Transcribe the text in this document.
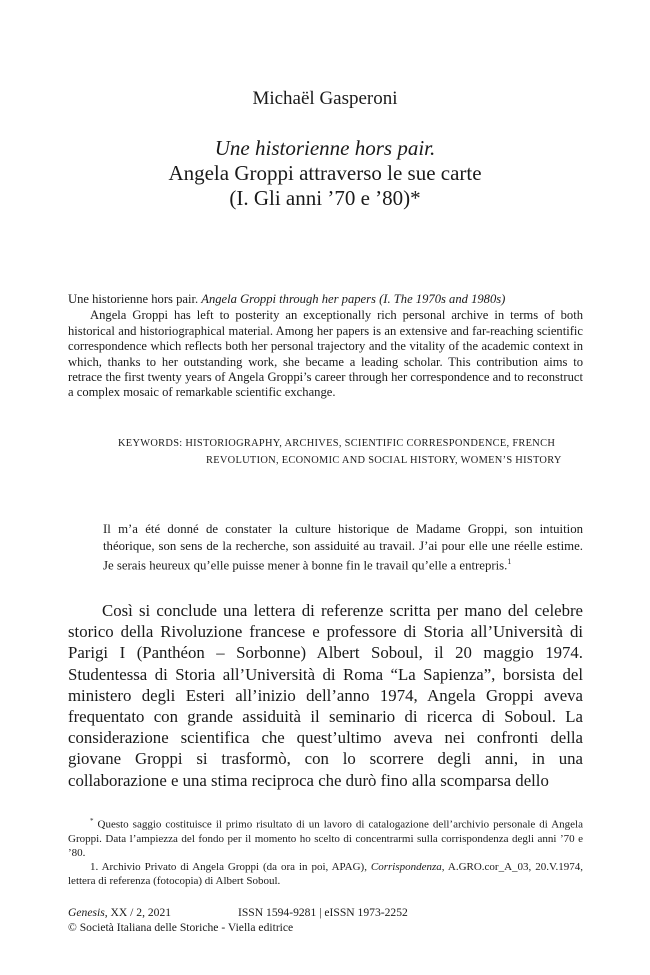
Michaël Gasperoni
Une historienne hors pair.
Angela Groppi attraverso le sue carte
(I. Gli anni ’70 e ’80)*
Une historienne hors pair. Angela Groppi through her papers (I. The 1970s and 1980s)
Angela Groppi has left to posterity an exceptionally rich personal archive in terms of both historical and historiographical material. Among her papers is an extensive and far-reaching scientific correspondence which reflects both her personal trajectory and the vitality of the academic context in which, thanks to her outstanding work, she became a leading scholar. This contribution aims to retrace the first twenty years of Angela Groppi’s career through her correspondence and to reconstruct a complex mosaic of remarkable scientific exchange.
KEYWORDS: HISTORIOGRAPHY, ARCHIVES, SCIENTIFIC CORRESPONDENCE, FRENCH
REVOLUTION, ECONOMIC AND SOCIAL HISTORY, WOMEN’S HISTORY
Il m’a été donné de constater la culture historique de Madame Groppi, son intuition théorique, son sens de la recherche, son assiduité au travail. J’ai pour elle une réelle estime. Je serais heureux qu’elle puisse mener à bonne fin le travail qu’elle a entrepris.$^1$
Così si conclude una lettera di referenze scritta per mano del celebre storico della Rivoluzione francese e professore di Storia all’Università di Parigi I (Panthéon – Sorbonne) Albert Soboul, il 20 maggio 1974. Studentessa di Storia all’Università di Roma “La Sapienza”, borsista del ministero degli Esteri all’inizio dell’anno 1974, Angela Groppi aveva frequentato con grande assiduità il seminario di ricerca di Soboul. La considerazione scientifica che quest’ultimo aveva nei confronti della giovane Groppi si trasformò, con lo scorrere degli anni, in una collaborazione e una stima reciproca che durò fino alla scomparsa dello
* Questo saggio costituisce il primo risultato di un lavoro di catalogazione dell’archivio personale di Angela Groppi. Data l’ampiezza del fondo per il momento ho scelto di concentrarmi sulla corrispondenza degli anni ’70 e ’80.
1. Archivio Privato di Angela Groppi (da ora in poi, APAG), Corrispondenza, A.GRO.cor_A_03, 20.V.1974, lettera di referenza (fotocopia) di Albert Soboul.
Genesis, XX / 2, 2021	ISSN 1594-9281 | eISSN 1973-2252
© Società Italiana delle Storiche - Viella editrice
